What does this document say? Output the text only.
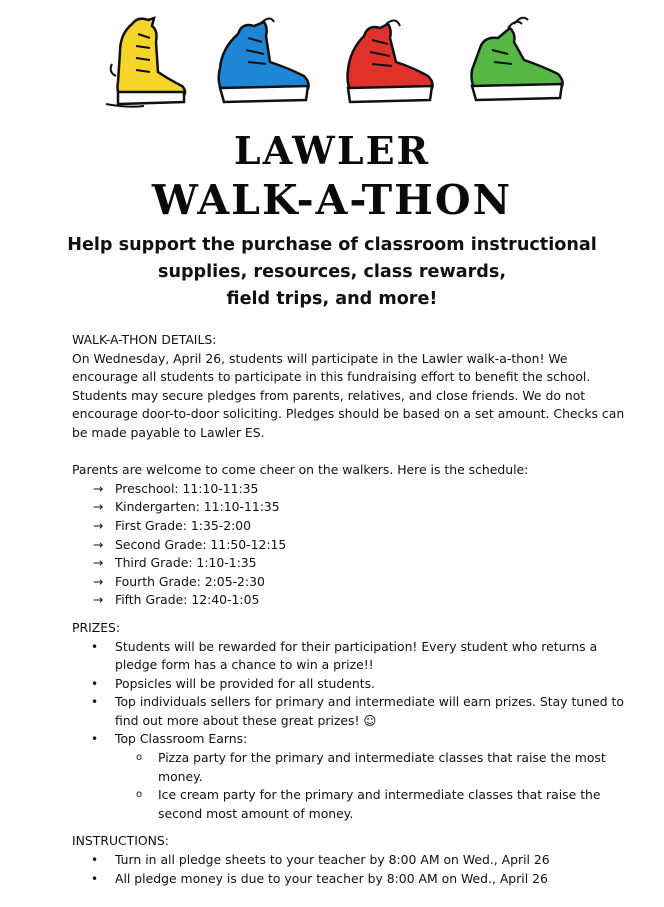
LAWLER
WALK-A-THON
Help support the purchase of classroom instructional
supplies, resources, class rewards,
field trips, and more!

WALK-A-THON DETAILS:

On Wednesday, April 26, students will participate in the Lawler walk-a-thon! We encourage all students to participate in this fundraising effort to benefit the school. Students may secure pledges from parents, relatives, and close friends. We do not encourage door-to-door soliciting. Pledges should be based on a set amount. Checks can be made payable to Lawler ES.

Parents are welcome to come cheer on the walkers. Here is the schedule:

→ Preschool: 11:10-11:35
→ Kindergarten: 11:10-11:35
→ First Grade: 1:35-2:00
→ Second Grade: 11:50-12:15
→ Third Grade: 1:10-1:35
→ Fourth Grade: 2:05-2:30
→ Fifth Grade: 12:40-1:05

PRIZES:

• Students will be rewarded for their participation! Every student who returns a pledge form has a chance to win a prize!!
• Popsicles will be provided for all students.
• Top individuals sellers for primary and intermediate will earn prizes. Stay tuned to find out more about these great prizes! ☺
• Top Classroom Earns:
o Pizza party for the primary and intermediate classes that raise the most money.
o Ice cream party for the primary and intermediate classes that raise the second most amount of money.

INSTRUCTIONS:

• Turn in all pledge sheets to your teacher by 8:00 AM on Wed., April 26
• All pledge money is due to your teacher by 8:00 AM on Wed., April 26
